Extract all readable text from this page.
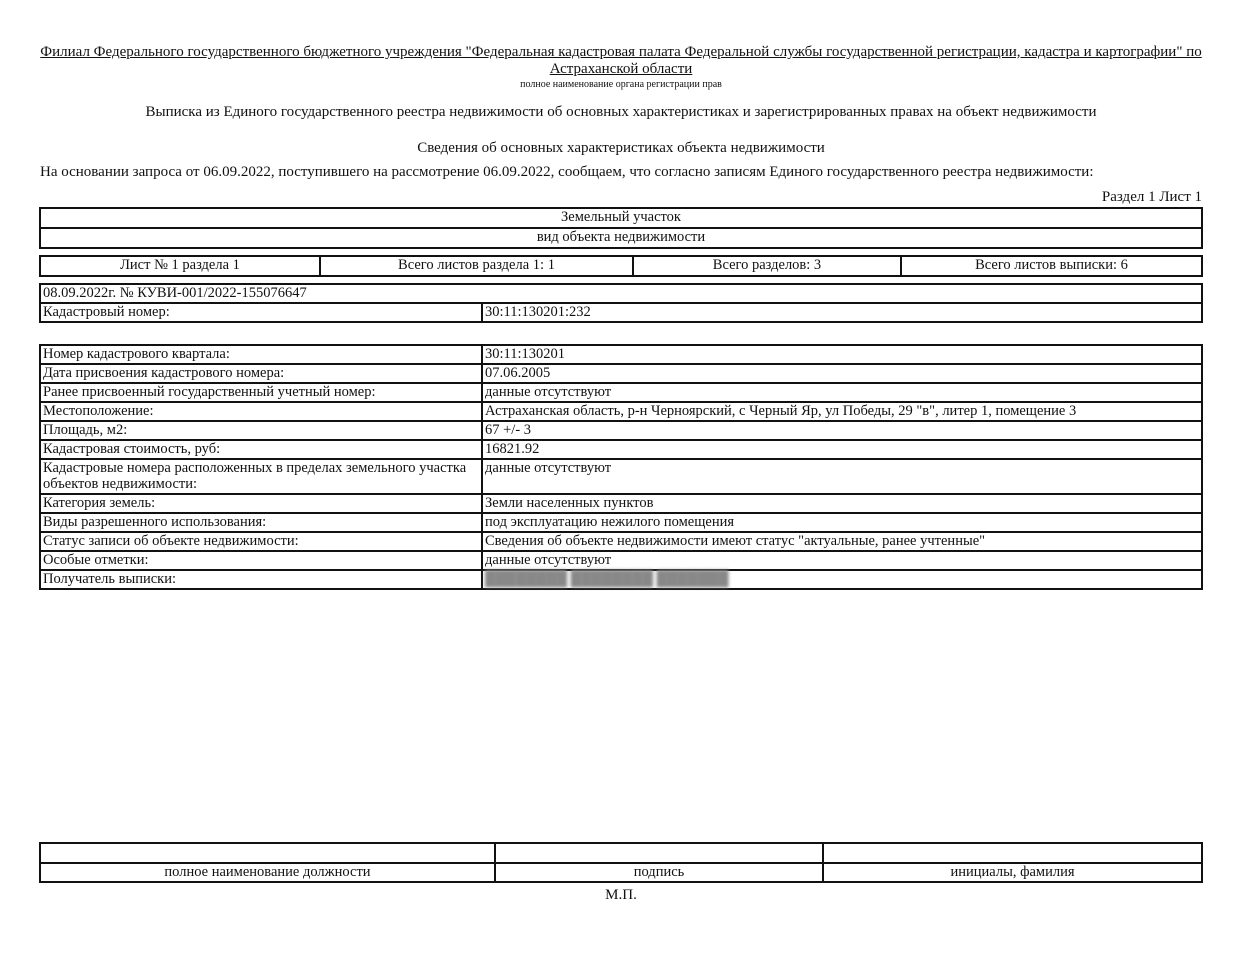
Филиал Федерального государственного бюджетного учреждения "Федеральная кадастровая палата Федеральной службы государственной регистрации, кадастра и картографии" по Астраханской области
полное наименование органа регистрации прав
Выписка из Единого государственного реестра недвижимости об основных характеристиках и зарегистрированных правах на объект недвижимости
Сведения об основных характеристиках объекта недвижимости
На основании запроса от 06.09.2022, поступившего на рассмотрение 06.09.2022, сообщаем, что согласно записям Единого государственного реестра недвижимости:
Раздел 1 Лист 1
Земельный участок
вид объекта недвижимости
Лист № 1 раздела 1	Всего листов раздела 1: 1	Всего разделов: 3	Всего листов выписки: 6
08.09.2022г. № КУВИ-001/2022-155076647
Кадастровый номер:	30:11:130201:232
Номер кадастрового квартала:	30:11:130201
Дата присвоения кадастрового номера:	07.06.2005
Ранее присвоенный государственный учетный номер:	данные отсутствуют
Местоположение:	Астраханская область, р-н Черноярский, с Черный Яр, ул Победы, 29 "в", литер 1, помещение 3
Площадь, м2:	67 +/- 3
Кадастровая стоимость, руб:	16821.92
Кадастровые номера расположенных в пределах земельного участка объектов недвижимости:	данные отсутствуют
Категория земель:	Земли населенных пунктов
Виды разрешенного использования:	под эксплуатацию нежилого помещения
Статус записи об объекте недвижимости:	Сведения об объекте недвижимости имеют статус "актуальные, ранее учтенные"
Особые отметки:	данные отсутствуют
Получатель выписки:	████████ ████████ ███████

полное наименование должности	подпись	инициалы, фамилия
М.П.
